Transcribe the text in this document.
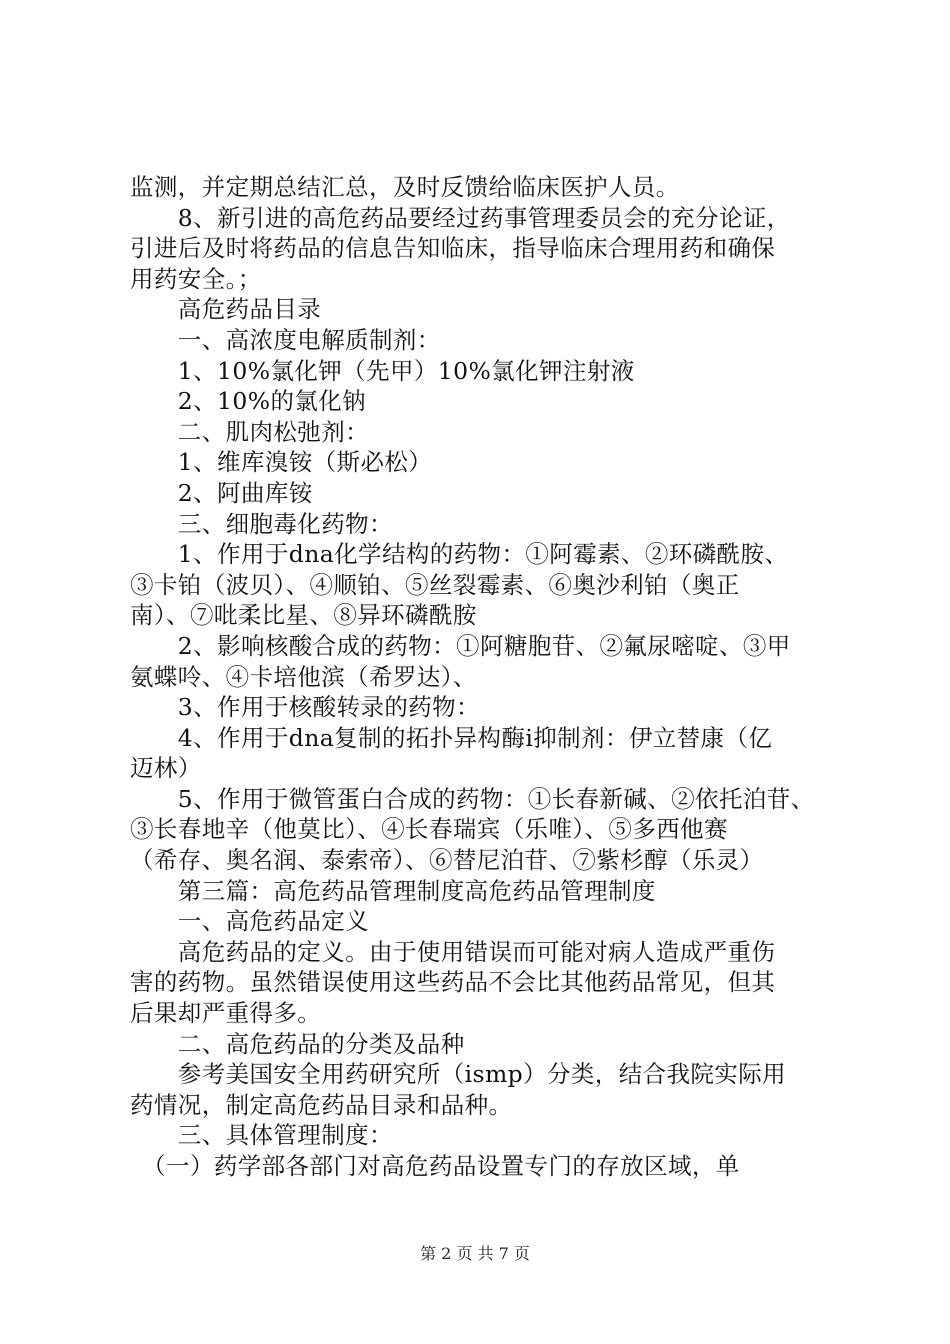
监测，并定期总结汇总，及时反馈给临床医护人员。
　　8、新引进的高危药品要经过药事管理委员会的充分论证，
引进后及时将药品的信息告知临床，指导临床合理用药和确保
用药安全。；
　　高危药品目录
　　一、高浓度电解质制剂：
　　1、10%氯化钾（先甲）10%氯化钾注射液
　　2、10%的氯化钠
　　二、肌肉松弛剂：
　　1、维库溴铵（斯必松）
　　2、阿曲库铵
　　三、细胞毒化药物：
　　1、作用于dna化学结构的药物：①阿霉素、②环磷酰胺、
③卡铂（波贝）、④顺铂、⑤丝裂霉素、⑥奥沙利铂（奥正
南）、⑦吡柔比星、⑧异环磷酰胺
　　2、影响核酸合成的药物：①阿糖胞苷、②氟尿嘧啶、③甲
氨蝶呤、④卡培他滨（希罗达）、
　　3、作用于核酸转录的药物：
　　4、作用于dna复制的拓扑异构酶i抑制剂：伊立替康（亿
迈林）
　　5、作用于微管蛋白合成的药物：①长春新碱、②依托泊苷、
③长春地辛（他莫比）、④长春瑞宾（乐唯）、⑤多西他赛
（希存、奥名润、泰索帝）、⑥替尼泊苷、⑦紫杉醇（乐灵）
　　第三篇：高危药品管理制度高危药品管理制度
　　一、高危药品定义
　　高危药品的定义。由于使用错误而可能对病人造成严重伤
害的药物。虽然错误使用这些药品不会比其他药品常见，但其
后果却严重得多。
　　二、高危药品的分类及品种
　　参考美国安全用药研究所（ismp）分类，结合我院实际用
药情况，制定高危药品目录和品种。
　　三、具体管理制度：
　（一）药学部各部门对高危药品设置专门的存放区域，单
第 2 页 共 7 页
